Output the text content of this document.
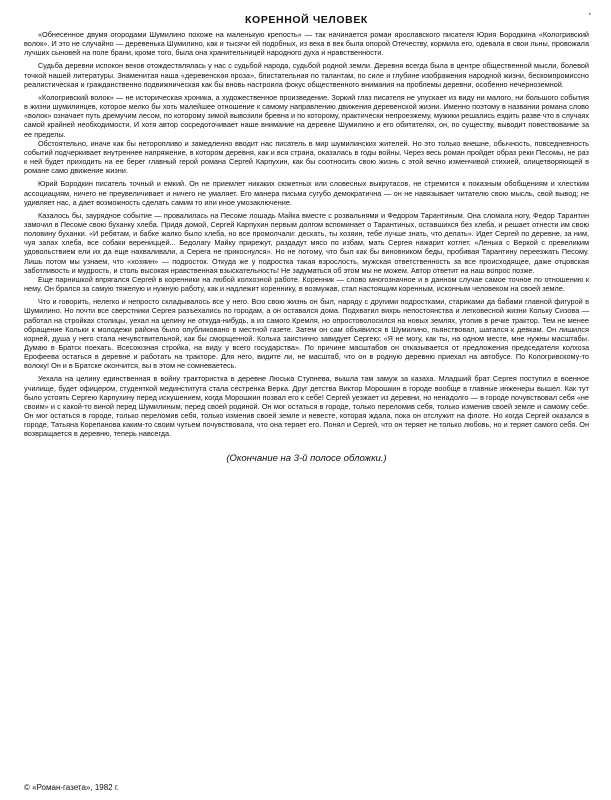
КОРЕННОЙ ЧЕЛОВЕК	’

«Обнесенное двумя огородами Шумилино похоже на маленькую крепость» — так начинается роман ярославского писателя Юрия Бородкина «Кологривский волок». И это не случайно — деревенька Шумилино, как и тысячи ей подобных, из века в век была опорой Отечеству, кормила его, одевала в свои льны, провожала лучших сыновей на поле брани, кроме того, была она хранительницей народного духа и нравственности.

Судьба деревни испокон веков отождествлялась у нас с судьбой народа, судьбой родной земли. Деревня всегда была в центре общественной мысли, болевой точкой нашей литературы. Знаменитая наша «деревенская проза», блистательная по талантам, по силе и глубине изображения народной жизни, бескомпромиссно реалистическая и гражданственно подвижническая как бы вновь настроила фокус общественного внимания на проблемы деревни, особенно нечерноземной.

«Кологривский волок» — не историческая хроника, а художественное произведение. Зоркий глаз писателя не упускает из виду ни малого, ни большого события в жизни шумилинцев, которое мелко бы хоть малейшее отношение к самому направлению движения деревенской жизни. Именно поэтому в названии романа слово «волок» означает путь дремучим лесом, по которому зимой вывозили бревна и по которому, практически непроезжему, мужики решались ездить разве что в случаях самой крайней необходимости. И хотя автор сосредоточивает наше внимание на деревне Шумилино и его обитателях, он, по существу, выводит повествование за ее пределы.

Обстоятельно, иначе как бы неторопливо и замедленно вводит нас писатель в мир шумилинских жителей. Но это только внешне, обычность, повседневность событий подчеркивает внутреннее напряжение, в котором деревня, как и вся страна, оказалась в годы войны. Через весь роман пройдет образ реки Песомы, не раз к ней будет приходить на ее берег главный герой романа Сергей Карпухин, как бы соотносить свою жизнь с этой вечно изменчивой стихией, олицетворяющей в романе само движение жизни.

Юрий Бородкин писатель точный и емкий. Он не приемлет никаких сюжетных или словесных выкрутасов, не стремится к показным обобщениям и хлестким ассоциациям, ничего не преувеличивает и ничего не умаляет. Его манера письма сугубо демократична — он не навязывает читателю свою мысль, свой вывод; не удивляет нас, а дает возможность сделать самим то или иное умозаключение.

Казалось бы, заурядное событие — провалилась на Песоме лошадь Майка вместе с розвальнями и Федором Тарантиным. Она сломала ногу, Федор Тарантин замочил в Песоме свою буханку хлеба. Придя домой, Сергей Карпухин первым долгом вспоминает о Тарантиных, оставшихся без хлеба, и решает отнести им свою половину буханки. «И ребятам, и бабке жалко было хлеба, но все промолчали: дескать, ты хозяин, тебе лучше знать, что делать». Идет Сергей по деревне, за ним, чуя запах хлеба, все собаки верениццей... Бедолагу Майку прирежут, раздадут мясо по избам, мать Сергея нажарит котлет. «Ленька с Веркой с превеликим удовольствием ели их да еще нахваливали, а Серега не прикоснулся». Но не потому, что был как бы виновником беды, пробивая Тарантину переезжать Песому. Лишь потом мы узнаем, что «хозяин» — подросток. Откуда же у подростка такая взрослость, мужская ответственность за все происходящее, даже отцовская заботливость и мудрость, и столь высокая нравственная взыскательность! Не задуматься об этом мы не можем. Автор ответит на наш вопрос позже.

Еще парнишкой впрягался Сергей в коренники на любой колхозной работе. Коренник — слово многозначное и в данном случае самое точное по отношению к нему. Он брался за самую тяжелую и нужную работу, как и надлежит кореннику, в возмужав, стал настоящим коренным, исконным человеком на своей земле.

Что и говорить, нелегко и непросто складывалось все у него. Всю свою жизнь он был, наряду с другими подростками, стариками да бабами главной фигурой в Шумилино. Но почти все сверстники Сергея разъехались по городам, а он оставался дома. Подхватил вихрь непостоянства и легковесной жизни Кольку Сизова — работал на стройках столицы, уехал на целину не откуда-нибудь, а из самого Кремля, но опростоволосился на новых землях, утопив в речке трактор. Тем не менее обращение Кольки к молодежи района было опубликовано в местной газете. Затем он сам объявился в Шумилино, пьянствовал, шатался к девкам. Он лишился корней, душа у него стала нечувствительной, как бы сморщенной. Колька заистинно завидует Сергею: «Я не могу, как ты, на одном месте, мне нужны масштабы. Думаю в Братск поехать. Всесоюзная стройка, на виду у всего государства». По причине масштабов он отказывается от предложения председателя колхоза Ерофеева остаться в деревне и работать на тракторе. Для него, видите ли, не масштаб, что он в родную деревню приехал на автобусе. По Кологривскому-то волоку! Он и в Братске окончится, вы в этом не сомневаетесь.

Уехала на целину единственная в войну трактористка в деревне Люська Ступнева, вышла там замуж за казаха. Младший брат Сергея поступил в военное училище, будет офицером, студенткой мединститута стала сестренка Верка. Друг детства Виктор Морошкин в городе вообще в главные инженеры вышел. Как тут было устоять Сергею Карпухину перед искушением, когда Морошкин позвал его к себе! Сергей уезжает из деревни, но ненадолго — в городе почувствовал себя «не своим» и с какой-то виной перед Шумилиным, перед своей родиной. Он мог остаться в городе, только переломив себя, только изменив своей земле и самому себе. Он мог остаться в городе, только переломив себя, только изменив своей земле и невесте, которая ждала, пока он отслужит на флоте. Но когда Сергей оказался в городе, Татьяна Корепанова каким-то своим чутьем почувствовала, что она теряет его. Понял и Сергей, что он теряет не только любовь, но и теряет самого себя. Он возвращается в деревню, теперь навсегда.

(Окончание на 3-й полосе обложки.)
© «Роман-газета», 1982 г.
